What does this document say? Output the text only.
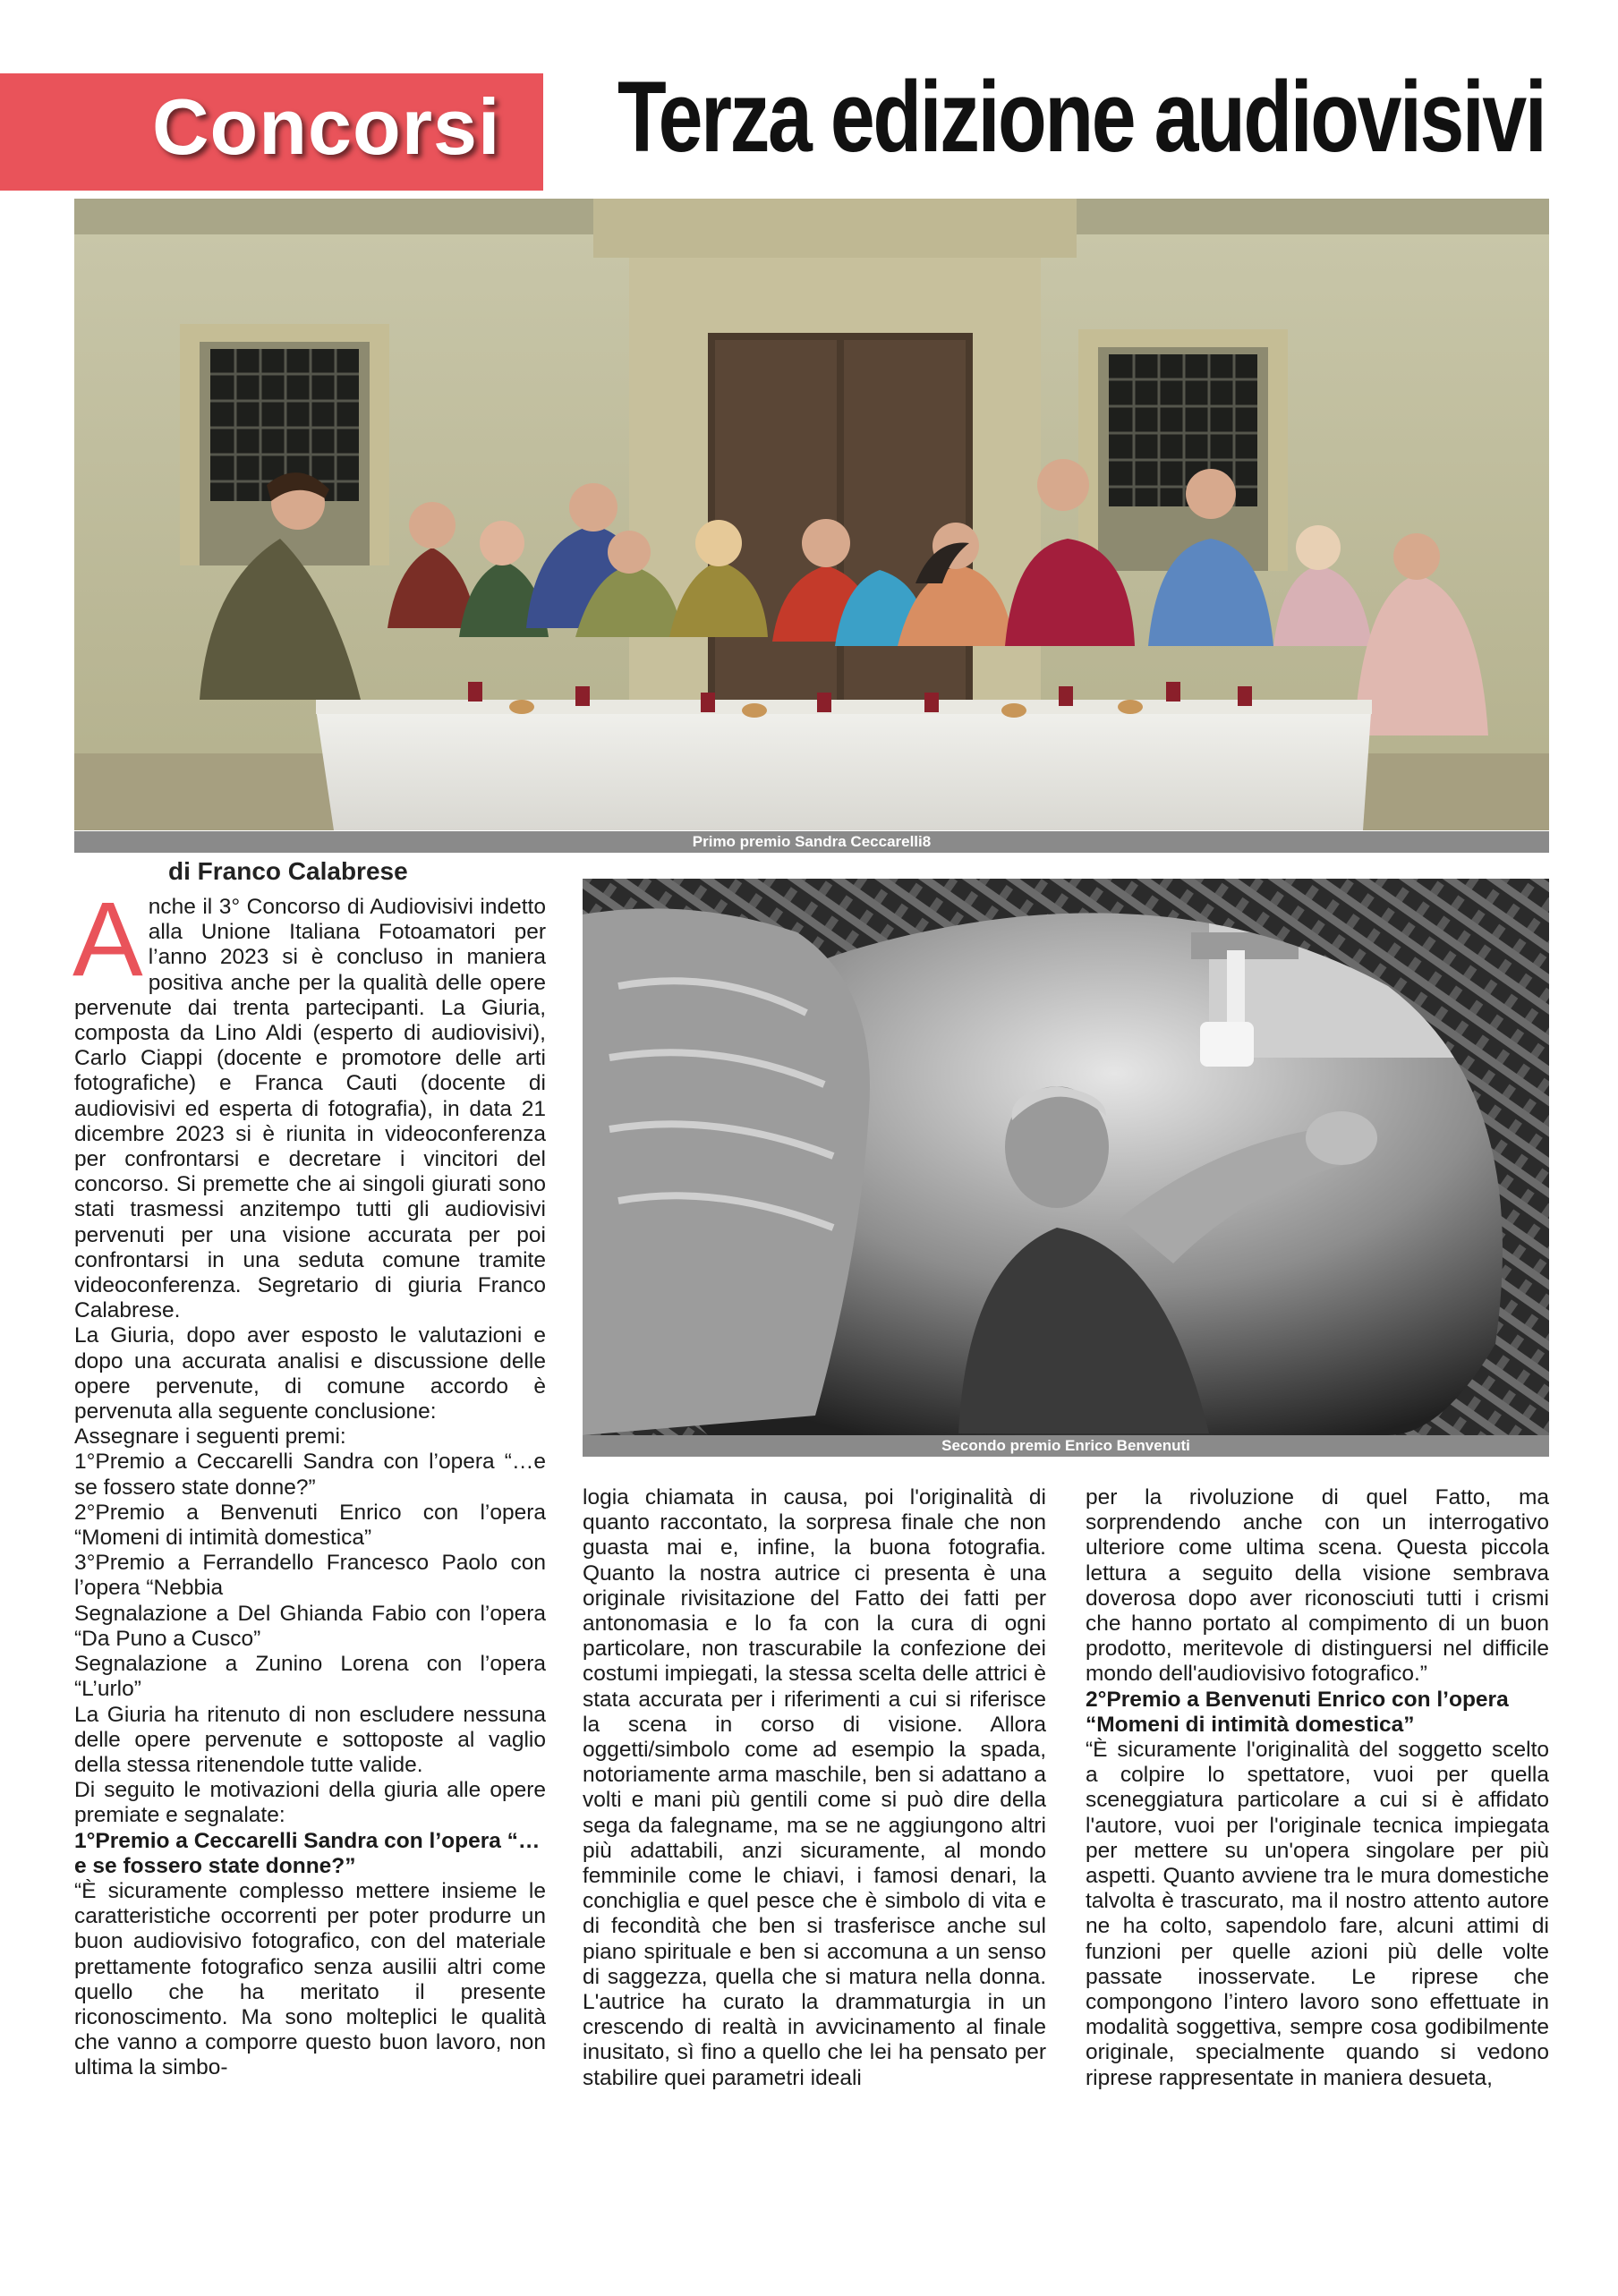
Concorsi Terza edizione audiovisivi
Primo premio Sandra Ceccarelli8
di Franco Calabrese
Secondo premio Enrico Benvenuti

Anche il 3° Concorso di Audiovisivi indetto alla Unione Italiana Fotoamatori per l’anno 2023 si è concluso in maniera positiva anche per la qualità delle opere pervenute dai trenta partecipanti. La Giuria, composta da Lino Aldi (esperto di audiovisivi), Carlo Ciappi (docente e promotore delle arti fotografiche) e Franca Cauti (docente di audiovisivi ed esperta di fotografia), in data 21 dicembre 2023 si è riunita in videoconferenza per confrontarsi e decretare i vincitori del concorso. Si premette che ai singoli giurati sono stati trasmessi anzitempo tutti gli audiovisivi pervenuti per una visione accurata per poi confrontarsi in una seduta comune tramite videoconferenza. Segretario di giuria Franco Calabrese.

La Giuria, dopo aver esposto le valutazioni e dopo una accurata analisi e discussione delle opere pervenute, di comune accordo è pervenuta alla seguente conclusione:

Assegnare i seguenti premi:

1°Premio a Ceccarelli Sandra con l’opera “…e se fossero state donne?”

2°Premio a Benvenuti Enrico con l’opera “Momeni di intimità domestica”

3°Premio a Ferrandello Francesco Paolo con l’opera “Nebbia

Segnalazione a Del Ghianda Fabio con l’opera “Da Puno a Cusco”

Segnalazione a Zunino Lorena con l’opera “L’urlo”

La Giuria ha ritenuto di non escludere nessuna delle opere pervenute e sottoposte al vaglio della stessa ritenendole tutte valide.

Di seguito le motivazioni della giuria alle opere premiate e segnalate:

1°Premio a Ceccarelli Sandra con l’opera “…e se fossero state donne?”

“È sicuramente complesso mettere insieme le caratteristiche occorrenti per poter produrre un buon audiovisivo fotografico, con del materiale prettamente fotografico senza ausilii altri come quello che ha meritato il presente riconoscimento. Ma sono molteplici le qualità che vanno a comporre questo buon lavoro, non ultima la simbo-

logia chiamata in causa, poi l'originalità di quanto raccontato, la sorpresa finale che non guasta mai e, infine, la buona fotografia. Quanto la nostra autrice ci presenta è una originale rivisitazione del Fatto dei fatti per antonomasia e lo fa con la cura di ogni particolare, non trascurabile la confezione dei costumi impiegati, la stessa scelta delle attrici è stata accurata per i riferimenti a cui si riferisce la scena in corso di visione. Allora oggetti/simbolo come ad esempio la spada, notoriamente arma maschile, ben si adattano a volti e mani più gentili come si può dire della sega da falegname, ma se ne aggiungono altri più adattabili, anzi sicuramente, al mondo femminile come le chiavi, i famosi denari, la conchiglia e quel pesce che è simbolo di vita e di fecondità che ben si trasferisce anche sul piano spirituale e ben si accomuna a un senso di saggezza, quella che si matura nella donna. L'autrice ha curato la drammaturgia in un crescendo di realtà in avvicinamento al finale inusitato, sì fino a quello che lei ha pensato per stabilire quei parametri ideali

per la rivoluzione di quel Fatto, ma sorprendendo anche con un interrogativo ulteriore come ultima scena. Questa piccola lettura a seguito della visione sembrava doverosa dopo aver riconosciuti tutti i crismi che hanno portato al compimento di un buon prodotto, meritevole di distinguersi nel difficile mondo dell'audiovisivo fotografico.”

2°Premio a Benvenuti Enrico con l’opera “Momeni di intimità domestica”

“È sicuramente l'originalità del soggetto scelto a colpire lo spettatore, vuoi per quella sceneggiatura particolare a cui si è affidato l'autore, vuoi per l'originale tecnica impiegata per mettere su un'opera singolare per più aspetti. Quanto avviene tra le mura domestiche talvolta è trascurato, ma il nostro attento autore ne ha colto, sapendolo fare, alcuni attimi di funzioni per quelle azioni più delle volte passate inosservate. Le riprese che compongono l’intero lavoro sono effettuate in modalità soggettiva, sempre cosa godibilmente originale, specialmente quando si vedono riprese rappresentate in maniera desueta,
